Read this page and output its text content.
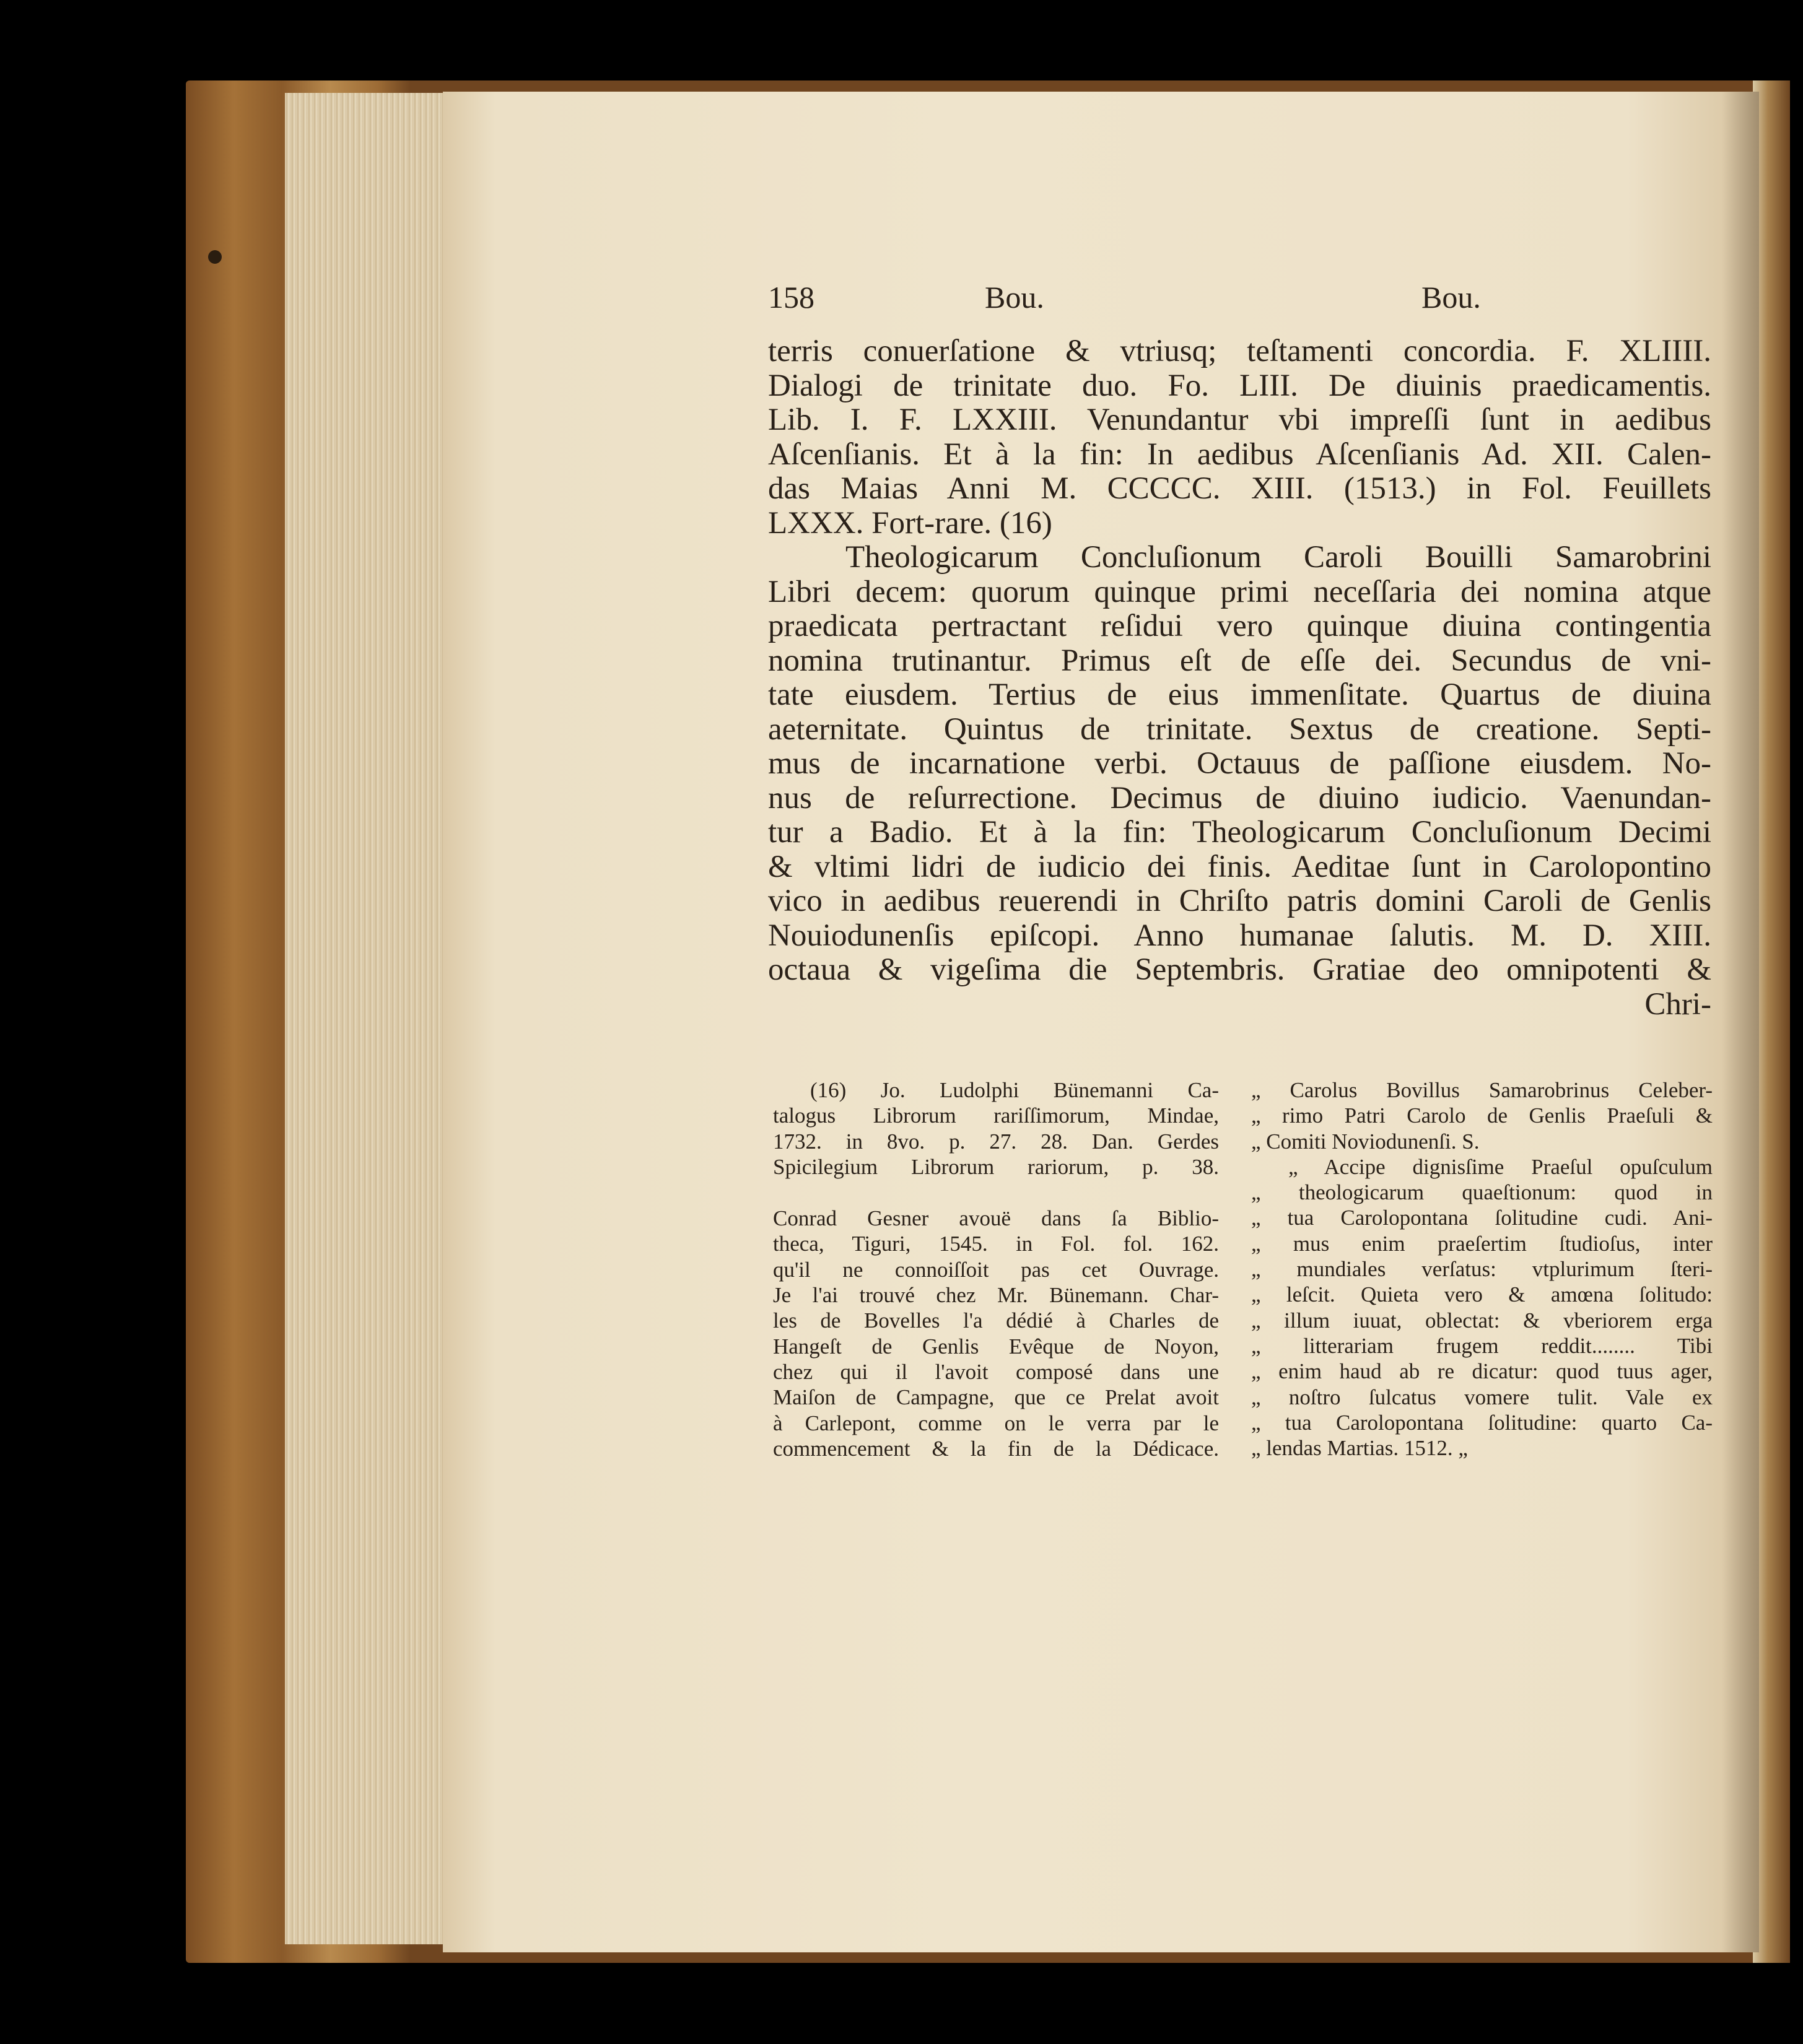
158	Bou.	Bou.
terris conuerſatione & vtriusq; teſtamenti concordia. F. XLIIII.
Dialogi de trinitate duo. Fo. LIII. De diuinis praedicamentis.
Lib. I. F. LXXIII. Venundantur vbi impreſſi ſunt in aedibus
Aſcenſianis. Et à la fin: In aedibus Aſcenſianis Ad. XII. Calen-
das Maias Anni M. CCCCC. XIII. (1513.) in Fol. Feuillets
LXXX. Fort-rare. (16)
Theologicarum Concluſionum Caroli Bouilli Samarobrini
Libri decem: quorum quinque primi neceſſaria dei nomina atque
praedicata pertractant reſidui vero quinque diuina contingentia
nomina trutinantur. Primus eſt de eſſe dei. Secundus de vni-
tate eiusdem. Tertius de eius immenſitate. Quartus de diuina
aeternitate. Quintus de trinitate. Sextus de creatione. Septi-
mus de incarnatione verbi. Octauus de paſſione eiusdem. No-
nus de reſurrectione. Decimus de diuino iudicio. Vaenundan-
tur a Badio. Et à la fin: Theologicarum Concluſionum Decimi
& vltimi lidri de iudicio dei finis. Aeditae ſunt in Carolopontino
vico in aedibus reuerendi in Chriſto patris domini Caroli de Genlis
Nouiodunenſis epiſcopi. Anno humanae ſalutis. M. D. XIII.
octaua & vigeſima die Septembris. Gratiae deo omnipotenti &
Chri-
(16) Jo. Ludolphi Bünemanni Ca-
talogus Librorum rariſſimorum, Mindae,
1732. in 8vo. p. 27. 28. Dan. Gerdes
Spicilegium Librorum rariorum, p. 38.
Conrad Gesner avouë dans ſa Biblio-
theca, Tiguri, 1545. in Fol. fol. 162.
qu'il ne connoiſſoit pas cet Ouvrage.
Je l'ai trouvé chez Mr. Bünemann. Char-
les de Bovelles l'a dédié à Charles de
Hangeſt de Genlis Evêque de Noyon,
chez qui il l'avoit composé dans une
Maiſon de Campagne, que ce Prelat avoit
à Carlepont, comme on le verra par le
commencement & la fin de la Dédicace.
„ Carolus Bovillus Samarobrinus Celeber-
„ rimo Patri Carolo de Genlis Praeſuli &
„ Comiti Noviodunenſi. S.
„ Accipe dignisſime Praeſul opuſculum
„ theologicarum quaeſtionum: quod in
„ tua Carolopontana ſolitudine cudi. Ani-
„ mus enim praeſertim ſtudioſus, inter
„ mundiales verſatus: vtplurimum ſteri-
„ leſcit. Quieta vero & amœna ſolitudo:
„ illum iuuat, oblectat: & vberiorem erga
„ litterariam frugem reddit........ Tibi
„ enim haud ab re dicatur: quod tuus ager,
„ noſtro ſulcatus vomere tulit. Vale ex
„ tua Carolopontana ſolitudine: quarto Ca-
„ lendas Martias. 1512. „
